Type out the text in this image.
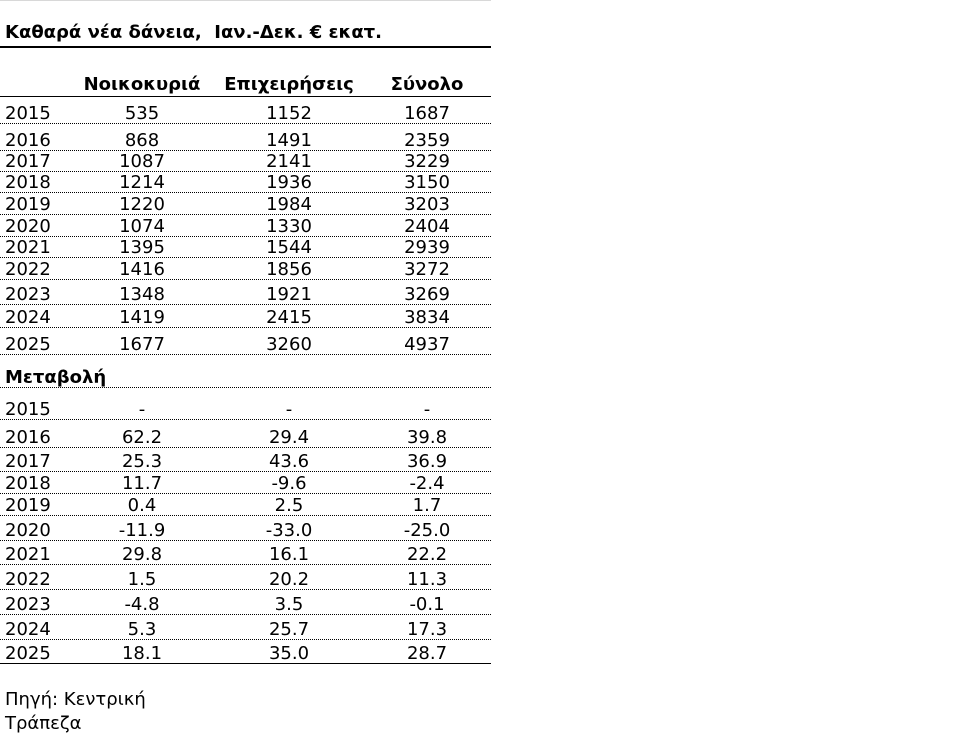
Καθαρά νέα δάνεια,  Ιαν.-Δεκ. € εκατ.
Νοικοκυριά	Επιχειρήσεις	Σύνολο
2015	535	1152	1687
2016	868	1491	2359
2017	1087	2141	3229
2018	1214	1936	3150
2019	1220	1984	3203
2020	1074	1330	2404
2021	1395	1544	2939
2022	1416	1856	3272
2023	1348	1921	3269
2024	1419	2415	3834
2025	1677	3260	4937
Μεταβολή
2015	-	-	-
2016	62.2	29.4	39.8
2017	25.3	43.6	36.9
2018	11.7	-9.6	-2.4
2019	0.4	2.5	1.7
2020	-11.9	-33.0	-25.0
2021	29.8	16.1	22.2
2022	1.5	20.2	11.3
2023	-4.8	3.5	-0.1
2024	5.3	25.7	17.3
2025	18.1	35.0	28.7
Πηγή: Κεντρική
Τράπεζα
